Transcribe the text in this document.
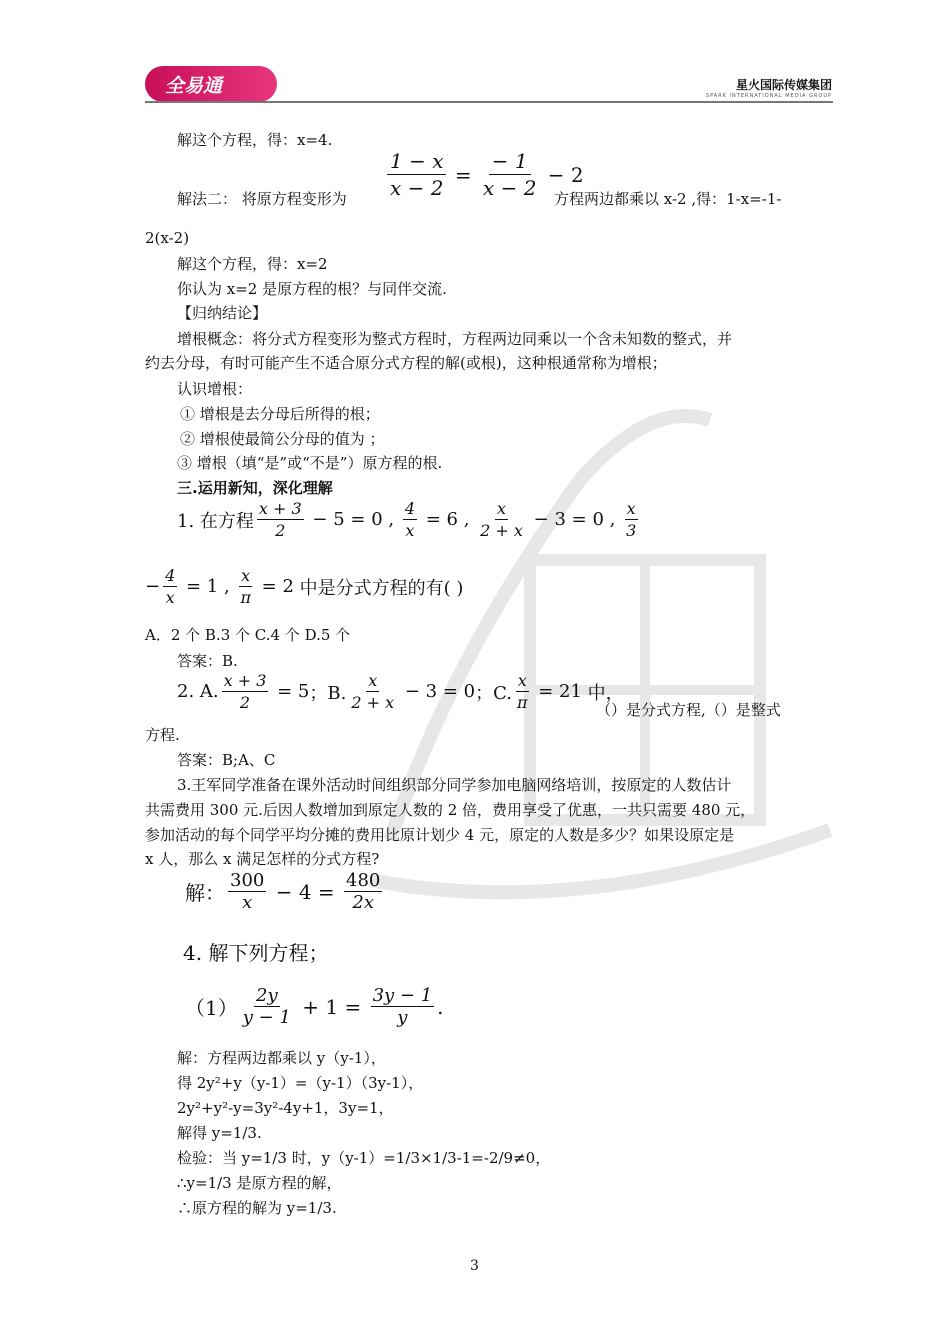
全易通	星火国际传媒集团
SPARK INTERNATIONAL MEDIA GROUP
解这个方程，得：x=4.
解法二： 将原方程变形为 $\frac{1 - x}{x - 2} = \frac{- 1}{x - 2} - 2$
方程两边都乘以 x-2 ,得：1-x=-1-
2(x-2)
解这个方程，得：x=2
你认为 x=2 是原方程的根？与同伴交流.
【归纳结论】
增根概念：将分式方程变形为整式方程时，方程两边同乘以一个含未知数的整式，并
约去分母，有时可能产生不适合原分式方程的解(或根)，这种根通常称为增根；
认识增根：
① 增根是去分母后所得的根；
② 增根使最简公分母的值为 ；
③ 增根（填“是”或“不是”）原方程的根.
三.运用新知，深化理解
1. 在方程
x + 3
2
− 5 = 0 , $\frac{4}{x} = 6$ ,
x
2 + x
− 3 = 0 ,
x
3
− $\frac{4}{x} = 1$ , $\frac{x}{\pi} = 2$ 中是分式方程的有( )
A．2 个 B.3 个 C.4 个 D.5 个
答案：B.
2. A. $\frac{x + 3}{2} = 5$ ；B.
x
2 + x
− 3 = 0 ；C. $\frac{x}{\pi} = 21$ 中，
（）是分式方程,（）是整式
方程.
答案：B;A、C
3.王军同学准备在课外活动时间组织部分同学参加电脑网络培训，按原定的人数估计
共需费用 300 元.后因人数增加到原定人数的 2 倍，费用享受了优惠，一共只需要 480 元，
参加活动的每个同学平均分摊的费用比原计划少 4 元，原定的人数是多少？如果设原定是
x 人，那么 x 满足怎样的分式方程?
解：
300
$x - 4 = \frac{480}{2x}$
4. 解下列方程；
（1）
2y
$y - 1 + 1 = \frac{3y - 1}{y}$ .
解：方程两边都乘以 y（y-1），
得 2y²+y（y-1）=（y-1）（3y-1），
2y²+y²-y=3y²-4y+1，3y=1，
解得 y=1/3.
检验：当 y=1/3 时，y（y-1）=1/3×1/3-1=-2/9≠0，
∴y=1/3 是原方程的解，
∴原方程的解为 y=1/3.
3
